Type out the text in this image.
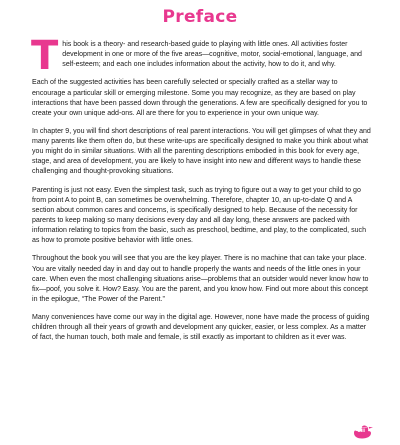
Preface

T his book is a theory- and research-based guide to playing with little ones. All activities foster development in one or more of the five areas—cognitive, motor, social-emotional, language, and self-esteem; and each one includes information about the activity, how to do it, and why.

Each of the suggested activities has been carefully selected or specially crafted as a stellar way to encourage a particular skill or emerging milestone. Some you may recognize, as they are based on play interactions that have been passed down through the generations. A few are specifically designed for you to create your own unique add-ons. All are there for you to experience in your own unique way.

In chapter 9, you will find short descriptions of real parent interactions. You will get glimpses of what they and many parents like them often do, but these write-ups are specifically designed to make you think about what you might do in similar situations. With all the parenting descriptions embodied in this book for every age, stage, and area of development, you are likely to have insight into new and different ways to handle these challenging and thought-provoking situations.

Parenting is just not easy. Even the simplest task, such as trying to figure out a way to get your child to go from point A to point B, can sometimes be overwhelming. Therefore, chapter 10, an up-to-date Q and A section about common cares and concerns, is specifically designed to help. Because of the necessity for parents to keep making so many decisions every day and all day long, these answers are packed with information relating to topics from the basic, such as preschool, bedtime, and play, to the complicated, such as how to promote positive behavior with little ones.

Throughout the book you will see that you are the key player. There is no machine that can take your place. You are vitally needed day in and day out to handle properly the wants and needs of the little ones in your care. When even the most challenging situations arise—problems that an outsider would never know how to fix—poof, you solve it. How? Easy. You are the parent, and you know how. Find out more about this concept in the epilogue, “The Power of the Parent.”

Many conveniences have come our way in the digital age. However, none have made the process of guiding children through all their years of growth and development any quicker, easier, or less complex. As a matter of fact, the human touch, both male and female, is still exactly as important to children as it ever was.

vii
